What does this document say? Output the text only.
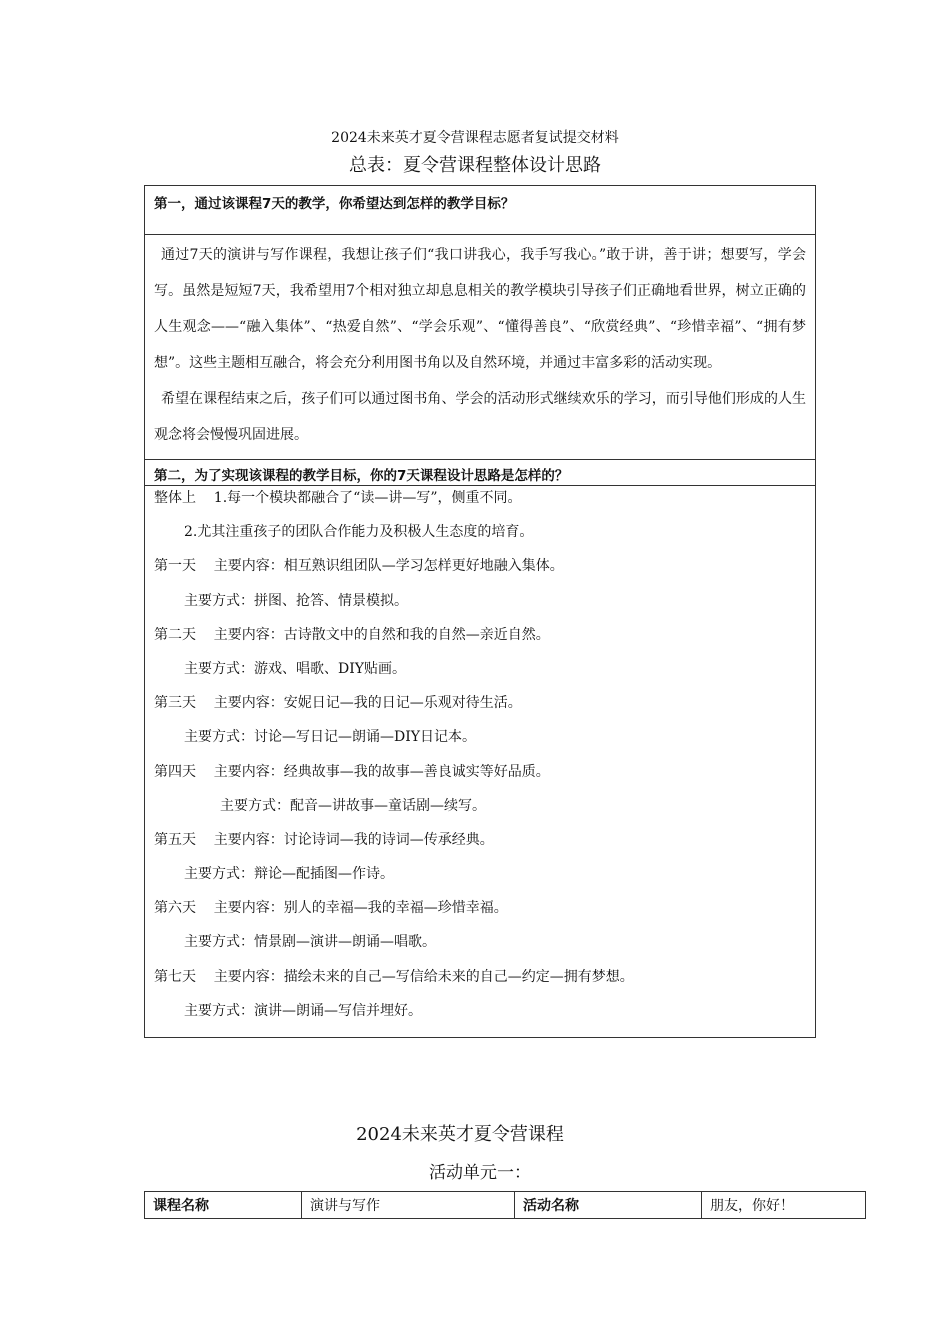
2024未来英才夏令营课程志愿者复试提交材料
总表：夏令营课程整体设计思路
第一，通过该课程7天的教学，你希望达到怎样的教学目标？

通过7天的演讲与写作课程，我想让孩子们“我口讲我心，我手写我心。”敢于讲，善于讲；想要写，学会写。虽然是短短7天，我希望用7个相对独立却息息相关的教学模块引导孩子们正确地看世界，树立正确的人生观念——“融入集体”、“热爱自然”、“学会乐观”、“懂得善良”、“欣赏经典”、“珍惜幸福”、“拥有梦想”。这些主题相互融合，将会充分利用图书角以及自然环境，并通过丰富多彩的活动实现。

希望在课程结束之后，孩子们可以通过图书角、学会的活动形式继续欢乐的学习，而引导他们形成的人生观念将会慢慢巩固进展。

第二，为了实现该课程的教学目标，你的7天课程设计思路是怎样的？
整体上    1.每一个模块都融合了“读—讲—写”，侧重不同。
2.尤其注重孩子的团队合作能力及积极人生态度的培育。
第一天    主要内容：相互熟识组团队—学习怎样更好地融入集体。
主要方式：拼图、抢答、情景模拟。
第二天    主要内容：古诗散文中的自然和我的自然—亲近自然。
主要方式：游戏、唱歌、DIY贴画。
第三天    主要内容：安妮日记—我的日记—乐观对待生活。
主要方式：讨论—写日记—朗诵—DIY日记本。
第四天    主要内容：经典故事—我的故事—善良诚实等好品质。
主要方式：配音—讲故事—童话剧—续写。
第五天    主要内容：讨论诗词—我的诗词—传承经典。
主要方式：辩论—配插图—作诗。
第六天    主要内容：别人的幸福—我的幸福—珍惜幸福。
主要方式：情景剧—演讲—朗诵—唱歌。
第七天    主要内容：描绘未来的自己—写信给未来的自己—约定—拥有梦想。
主要方式：演讲—朗诵—写信并埋好。
2024未来英才夏令营课程
活动单元一：
课程名称	演讲与写作	活动名称	朋友，你好！
